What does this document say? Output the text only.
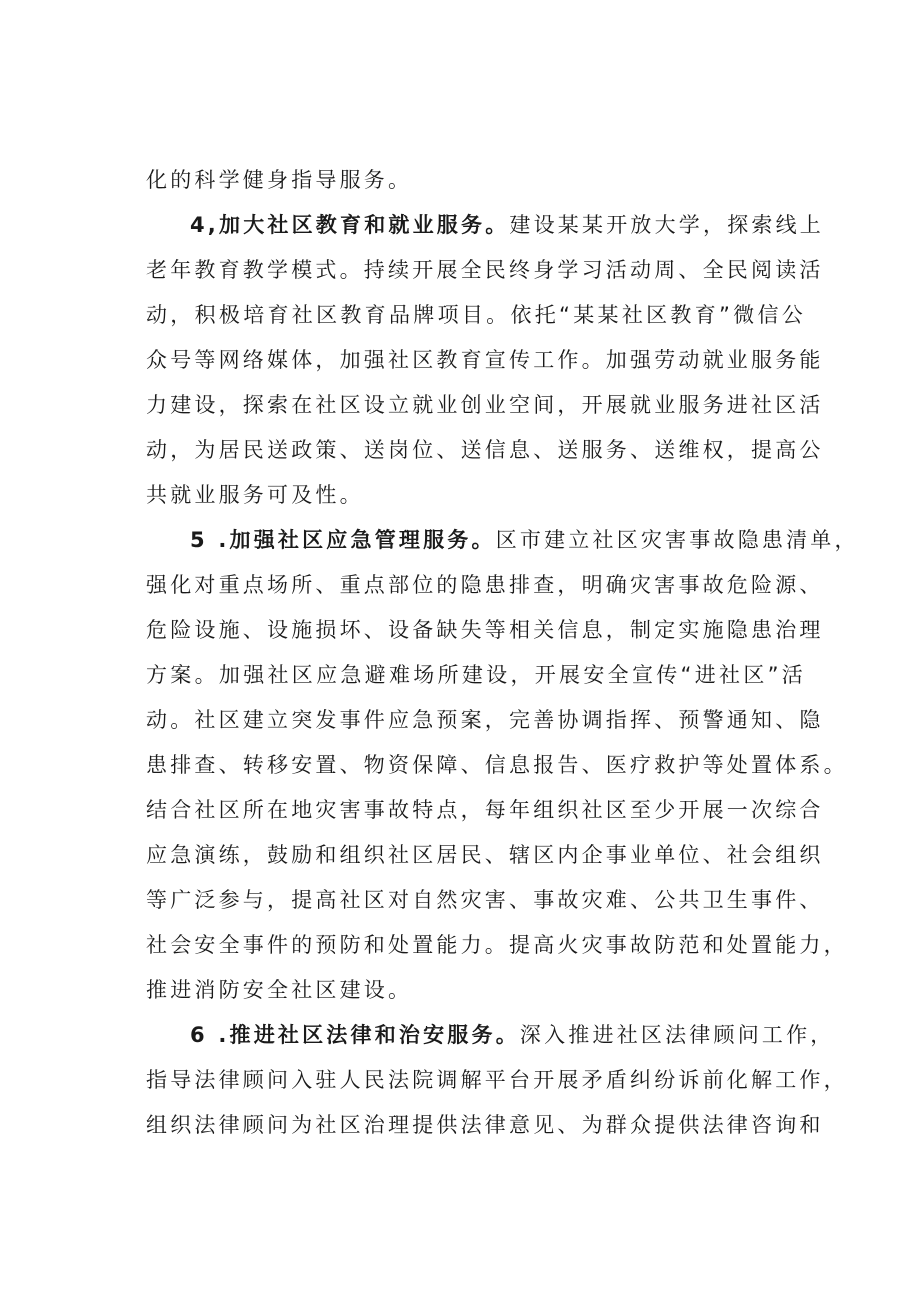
化的科学健身指导服务。
4,加大社区教育和就业服务。建设某某开放大学，探索线上
老年教育教学模式。持续开展全民终身学习活动周、全民阅读活
动，积极培育社区教育品牌项目。依托“某某社区教育”微信公
众号等网络媒体，加强社区教育宣传工作。加强劳动就业服务能
力建设，探索在社区设立就业创业空间，开展就业服务进社区活
动，为居民送政策、送岗位、送信息、送服务、送维权，提高公
共就业服务可及性。
5 .加强社区应急管理服务。区市建立社区灾害事故隐患清单，
强化对重点场所、重点部位的隐患排查，明确灾害事故危险源、
危险设施、设施损坏、设备缺失等相关信息，制定实施隐患治理
方案。加强社区应急避难场所建设，开展安全宣传“进社区”活
动。社区建立突发事件应急预案，完善协调指挥、预警通知、隐
患排查、转移安置、物资保障、信息报告、医疗救护等处置体系。
结合社区所在地灾害事故特点，每年组织社区至少开展一次综合
应急演练，鼓励和组织社区居民、辖区内企事业单位、社会组织
等广泛参与，提高社区对自然灾害、事故灾难、公共卫生事件、
社会安全事件的预防和处置能力。提高火灾事故防范和处置能力，
推进消防安全社区建设。
6 .推进社区法律和治安服务。深入推进社区法律顾问工作，
指导法律顾问入驻人民法院调解平台开展矛盾纠纷诉前化解工作，
组织法律顾问为社区治理提供法律意见、为群众提供法律咨询和
